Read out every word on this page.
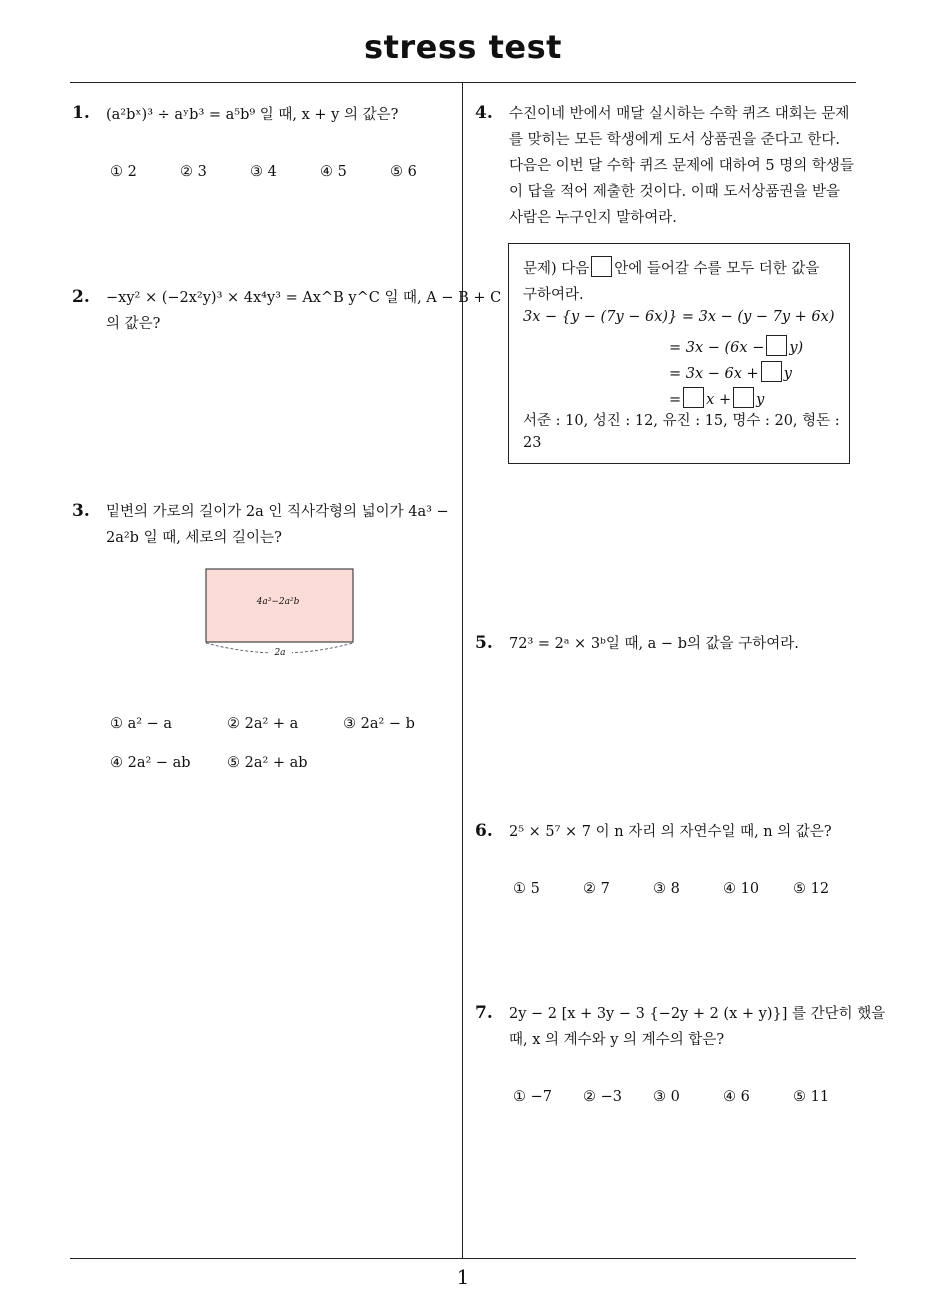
stress test
1
1. (a²bˣ)³ ÷ aʸb³ = a⁵b⁹ 일 때, x + y 의 값은?
① 2	② 3	③ 4	④ 5	⑤ 6
2. −xy² × (−2x²y)³ × 4x⁴y³ = Ax^B y^C 일 때, A − B + C
의 값은?
3. 밑변의 가로의 길이가 2a 인 직사각형의 넓이가 4a³ −
2a²b 일 때, 세로의 길이는?
4a³−2a²b
2a
① a² − a	② 2a² + a	③ 2a² − b
④ 2a² − ab	⑤ 2a² + ab
4. 수진이네 반에서 매달 실시하는 수학 퀴즈 대회는 문제
를 맞히는 모든 학생에게 도서 상품권을 준다고 한다.
다음은 이번 달 수학 퀴즈 문제에 대하여 5 명의 학생들
이 답을 적어 제출한 것이다. 이때 도서상품권을 받을
사람은 누구인지 말하여라.
문제) 다음 안에 들어갈 수를 모두 더한 값을
구하여라.
3x − {y − (7y − 6x)} = 3x − (y − 7y + 6x)
= 3x − (6x − y)
= 3x − 6x + y
= x + y
서준 : 10, 성진 : 12, 유진 : 15, 명수 : 20, 형돈 :
23
5. 72³ = 2ᵃ × 3ᵇ일 때, a − b의 값을 구하여라.
6. 2⁵ × 5⁷ × 7 이 n 자리 의 자연수일 때, n 의 값은?
① 5	② 7	③ 8	④ 10 ⑤ 12
7. 2y − 2 [x + 3y − 3 {−2y + 2 (x + y)}] 를 간단히 했을
때, x 의 계수와 y 의 계수의 합은?
① −7 ② −3 ③ 0	④ 6	⑤ 11
